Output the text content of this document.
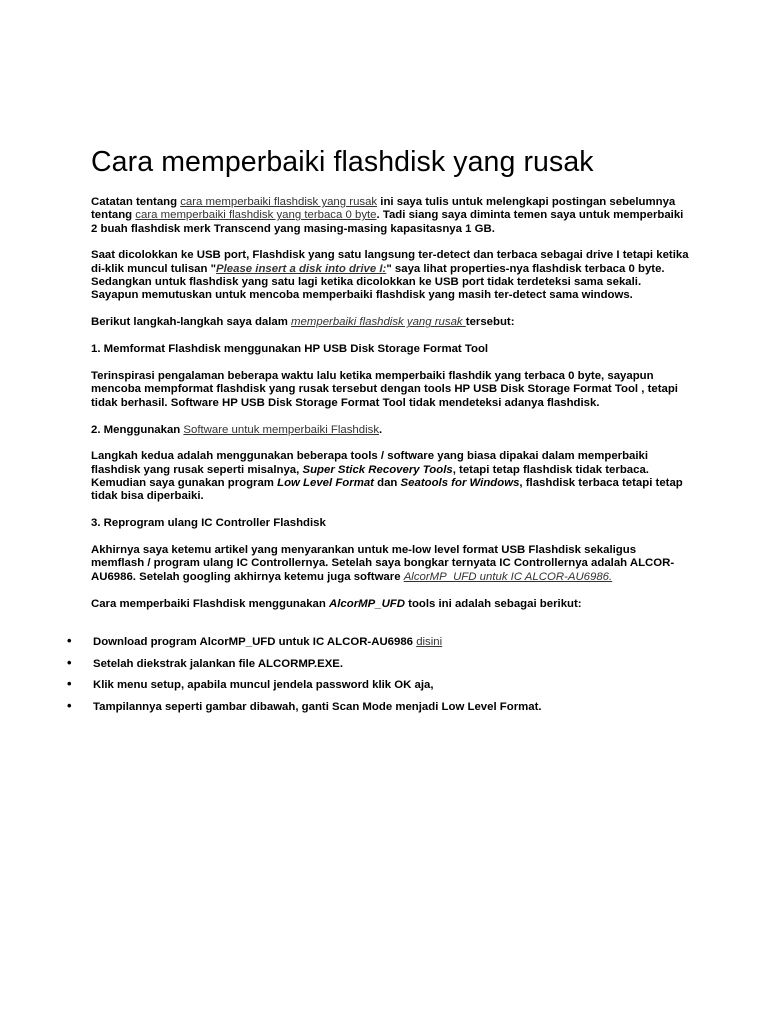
Cara memperbaiki flashdisk yang rusak

Catatan tentang cara memperbaiki flashdisk yang rusak ini saya tulis untuk melengkapi postingan sebelumnya tentang cara memperbaiki flashdisk yang terbaca 0 byte. Tadi siang saya diminta temen saya untuk memperbaiki 2 buah flashdisk merk Transcend yang masing-masing kapasitasnya 1 GB.

Saat dicolokkan ke USB port, Flashdisk yang satu langsung ter-detect dan terbaca sebagai drive I tetapi ketika di-klik muncul tulisan "Please insert a disk into drive I:" saya lihat properties-nya flashdisk terbaca 0 byte. Sedangkan untuk flashdisk yang satu lagi ketika dicolokkan ke USB port tidak terdeteksi sama sekali. Sayapun memutuskan untuk mencoba memperbaiki flashdisk yang masih ter-detect sama windows.

Berikut langkah-langkah saya dalam memperbaiki flashdisk yang rusak tersebut:

1. Memformat Flashdisk menggunakan HP USB Disk Storage Format Tool

Terinspirasi pengalaman beberapa waktu lalu ketika memperbaiki flashdik yang terbaca 0 byte, sayapun mencoba mempformat flashdisk yang rusak tersebut dengan tools HP USB Disk Storage Format Tool , tetapi tidak berhasil. Software HP USB Disk Storage Format Tool tidak mendeteksi adanya flashdisk.

2. Menggunakan Software untuk memperbaiki Flashdisk.

Langkah kedua adalah menggunakan beberapa tools / software yang biasa dipakai dalam memperbaiki flashdisk yang rusak seperti misalnya, Super Stick Recovery Tools, tetapi tetap flashdisk tidak terbaca. Kemudian saya gunakan program Low Level Format dan Seatools for Windows, flashdisk terbaca tetapi tetap tidak bisa diperbaiki.

3. Reprogram ulang IC Controller Flashdisk

Akhirnya saya ketemu artikel yang menyarankan untuk me-low level format USB Flashdisk sekaligus memflash / program ulang IC Controllernya. Setelah saya bongkar ternyata IC Controllernya adalah ALCOR-AU6986. Setelah googling akhirnya ketemu juga software AlcorMP_UFD untuk IC ALCOR-AU6986.

Cara memperbaiki Flashdisk menggunakan AlcorMP_UFD tools ini adalah sebagai berikut:

• Download program AlcorMP_UFD untuk IC ALCOR-AU6986 disini
• Setelah diekstrak jalankan file ALCORMP.EXE.
• Klik menu setup, apabila muncul jendela password klik OK aja,
• Tampilannya seperti gambar dibawah, ganti Scan Mode menjadi Low Level Format.
